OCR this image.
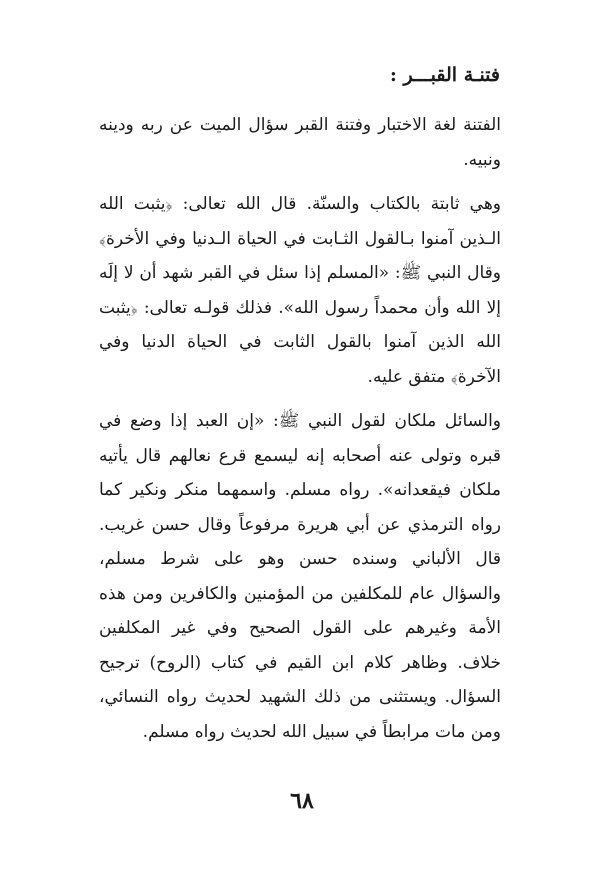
فتنـة القبـــر :

الفتنة لغة الاختبار وفتنة القبر سؤال الميت عن ربه ودينه ونبيه.

وهي ثابتة بالكتاب والسنّة. قال الله تعالى: ﴿يثبت الله الـذين آمنوا بـالقول الثـابت في الحياة الـدنيا وفي الأخرة﴾ وقال النبي ﷺ: «المسلم إذا سئل في القبر شهد أن لا إلَه إلا الله وأن محمداً رسول الله». فذلك قولـه تعالى: ﴿يثبت الله الذين آمنوا بالقول الثابت في الحياة الدنيا وفي الآخرة﴾ متفق عليه.

والسائل ملكان لقول النبي ﷺ: «إن العبد إذا وضع في قبره وتولى عنه أصحابه إنه ليسمع قرع نعالهم قال يأتيه ملكان فيقعدانه». رواه مسلم. واسمهما منكر ونكير كما رواه الترمذي عن أبي هريرة مرفوعاً وقال حسن غريب. قال الألباني وسنده حسن وهو على شرط مسلم، والسؤال عام للمكلفين من المؤمنين والكافرين ومن هذه الأمة وغيرهم على القول الصحيح وفي غير المكلفين خلاف. وظاهر كلام ابن القيم في كتاب (الروح) ترجيح السؤال. ويستثنى من ذلك الشهيد لحديث رواه النسائي، ومن مات مرابطاً في سبيل الله لحديث رواه مسلم.

٦٨
